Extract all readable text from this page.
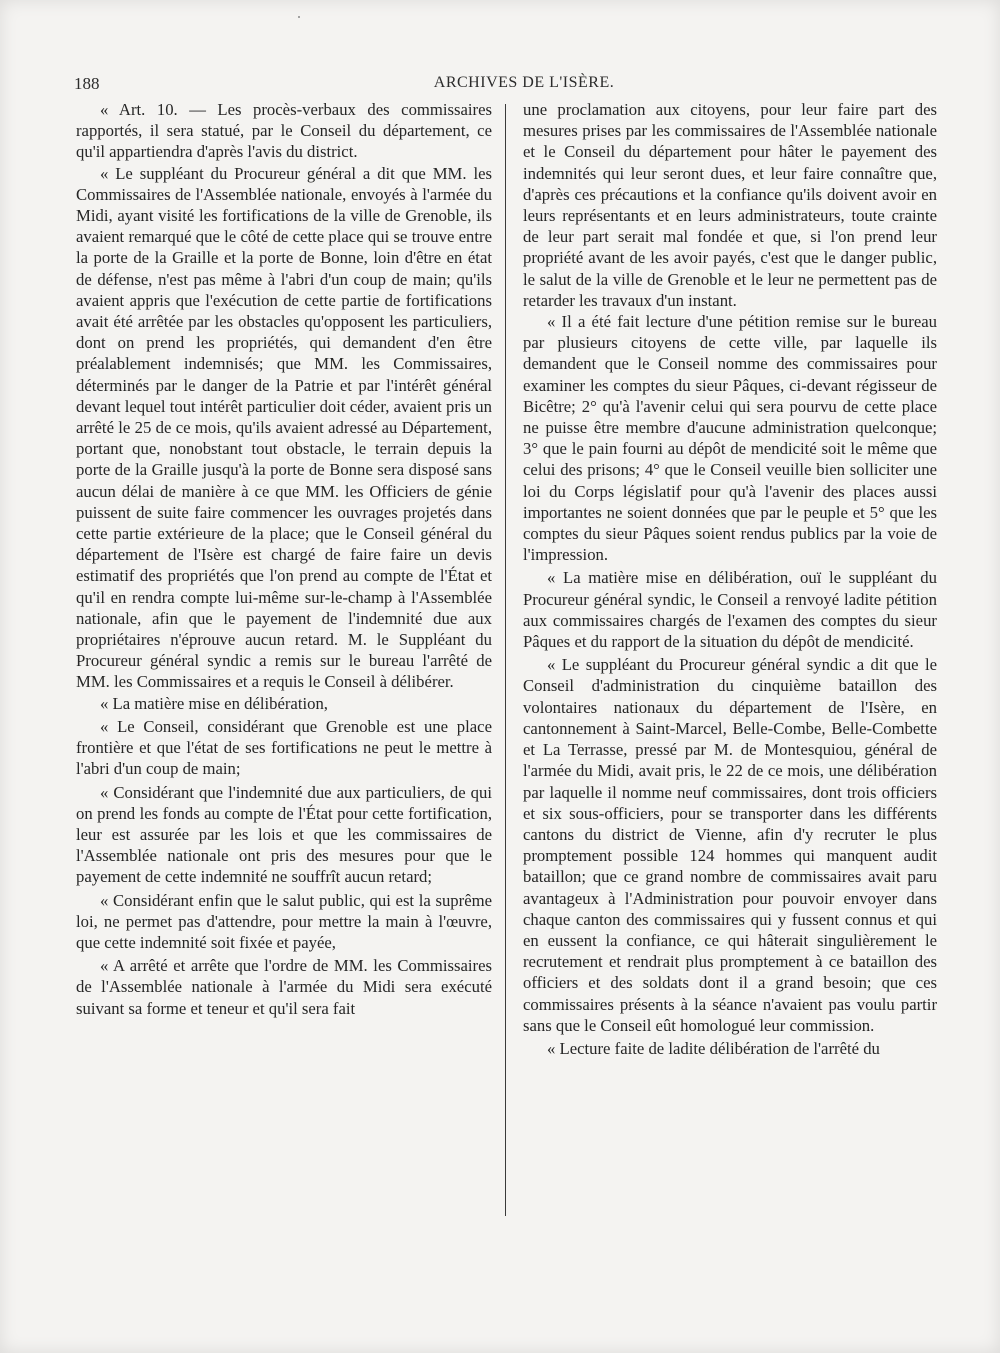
188	ARCHIVES DE L'ISÈRE.

« Art. 10. — Les procès-verbaux des commissaires rapportés, il sera statué, par le Conseil du département, ce qu'il appartiendra d'après l'avis du district.

« Le suppléant du Procureur général a dit que MM. les Commissaires de l'Assemblée nationale, envoyés à l'armée du Midi, ayant visité les fortifications de la ville de Grenoble, ils avaient remarqué que le côté de cette place qui se trouve entre la porte de la Graille et la porte de Bonne, loin d'être en état de défense, n'est pas même à l'abri d'un coup de main; qu'ils avaient appris que l'exécution de cette partie de fortifications avait été arrêtée par les obstacles qu'opposent les particuliers, dont on prend les propriétés, qui demandent d'en être préalablement indemnisés; que MM. les Commissaires, déterminés par le danger de la Patrie et par l'intérêt général devant lequel tout intérêt particulier doit céder, avaient pris un arrêté le 25 de ce mois, qu'ils avaient adressé au Département, portant que, nonobstant tout obstacle, le terrain depuis la porte de la Graille jusqu'à la porte de Bonne sera disposé sans aucun délai de manière à ce que MM. les Officiers de génie puissent de suite faire commencer les ouvrages projetés dans cette partie extérieure de la place; que le Conseil général du département de l'Isère est chargé de faire faire un devis estimatif des propriétés que l'on prend au compte de l'État et qu'il en rendra compte lui-même sur-le-champ à l'Assemblée nationale, afin que le payement de l'indemnité due aux propriétaires n'éprouve aucun retard. M. le Suppléant du Procureur général syndic a remis sur le bureau l'arrêté de MM. les Commissaires et a requis le Conseil à délibérer.

« La matière mise en délibération,

« Le Conseil, considérant que Grenoble est une place frontière et que l'état de ses fortifications ne peut le mettre à l'abri d'un coup de main;

« Considérant que l'indemnité due aux particuliers, de qui on prend les fonds au compte de l'État pour cette fortification, leur est assurée par les lois et que les commissaires de l'Assemblée nationale ont pris des mesures pour que le payement de cette indemnité ne souffrît aucun retard;

« Considérant enfin que le salut public, qui est la suprême loi, ne permet pas d'attendre, pour mettre la main à l'œuvre, que cette indemnité soit fixée et payée,

« A arrêté et arrête que l'ordre de MM. les Commissaires de l'Assemblée nationale à l'armée du Midi sera exécuté suivant sa forme et teneur et qu'il sera fait

une proclamation aux citoyens, pour leur faire part des mesures prises par les commissaires de l'Assemblée nationale et le Conseil du département pour hâter le payement des indemnités qui leur seront dues, et leur faire connaître que, d'après ces précautions et la confiance qu'ils doivent avoir en leurs représentants et en leurs administrateurs, toute crainte de leur part serait mal fondée et que, si l'on prend leur propriété avant de les avoir payés, c'est que le danger public, le salut de la ville de Grenoble et le leur ne permettent pas de retarder les travaux d'un instant.

« Il a été fait lecture d'une pétition remise sur le bureau par plusieurs citoyens de cette ville, par laquelle ils demandent que le Conseil nomme des commissaires pour examiner les comptes du sieur Pâques, ci-devant régisseur de Bicêtre; 2° qu'à l'avenir celui qui sera pourvu de cette place ne puisse être membre d'aucune administration quelconque; 3° que le pain fourni au dépôt de mendicité soit le même que celui des prisons; 4° que le Conseil veuille bien solliciter une loi du Corps législatif pour qu'à l'avenir des places aussi importantes ne soient données que par le peuple et 5° que les comptes du sieur Pâques soient rendus publics par la voie de l'impression.

« La matière mise en délibération, ouï le suppléant du Procureur général syndic, le Conseil a renvoyé ladite pétition aux commissaires chargés de l'examen des comptes du sieur Pâques et du rapport de la situation du dépôt de mendicité.

« Le suppléant du Procureur général syndic a dit que le Conseil d'administration du cinquième bataillon des volontaires nationaux du département de l'Isère, en cantonnement à Saint-Marcel, Belle-Combe, Belle-Combette et La Terrasse, pressé par M. de Montesquiou, général de l'armée du Midi, avait pris, le 22 de ce mois, une délibération par laquelle il nomme neuf commissaires, dont trois officiers et six sous-officiers, pour se transporter dans les différents cantons du district de Vienne, afin d'y recruter le plus promptement possible 124 hommes qui manquent audit bataillon; que ce grand nombre de commissaires avait paru avantageux à l'Administration pour pouvoir envoyer dans chaque canton des commissaires qui y fussent connus et qui en eussent la confiance, ce qui hâterait singulièrement le recrutement et rendrait plus promptement à ce bataillon des officiers et des soldats dont il a grand besoin; que ces commissaires présents à la séance n'avaient pas voulu partir sans que le Conseil eût homologué leur commission.

« Lecture faite de ladite délibération de l'arrêté du
